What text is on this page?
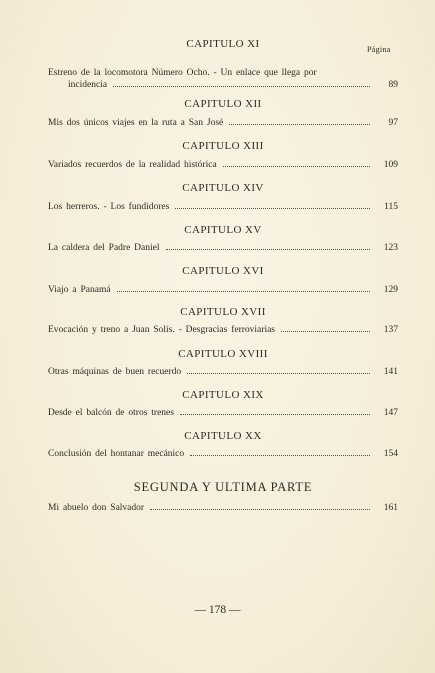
CAPITULO XI	Página
Estreno de la locomotora Número Ocho. - Un enlace que llega por
incidencia	89
CAPITULO XII
Mis dos únicos viajes en la ruta a San José	97
CAPITULO XIII
Variados recuerdos de la realidad histórica	109
CAPITULO XIV
Los herreros. - Los fundidores	115
CAPITULO XV
La caldera del Padre Daniel	123
CAPITULO XVI
Viajo a Panamá	129
CAPITULO XVII
Evocación y treno a Juan Solís. - Desgracias ferroviarias	137
CAPITULO XVIII
Otras máquinas de buen recuerdo	141
CAPITULO XIX
Desde el balcón de otros trenes	147
CAPITULO XX
Conclusión del hontanar mecánico	154
SEGUNDA Y ULTIMA PARTE
Mi abuelo don Salvador	161
— 178 —
